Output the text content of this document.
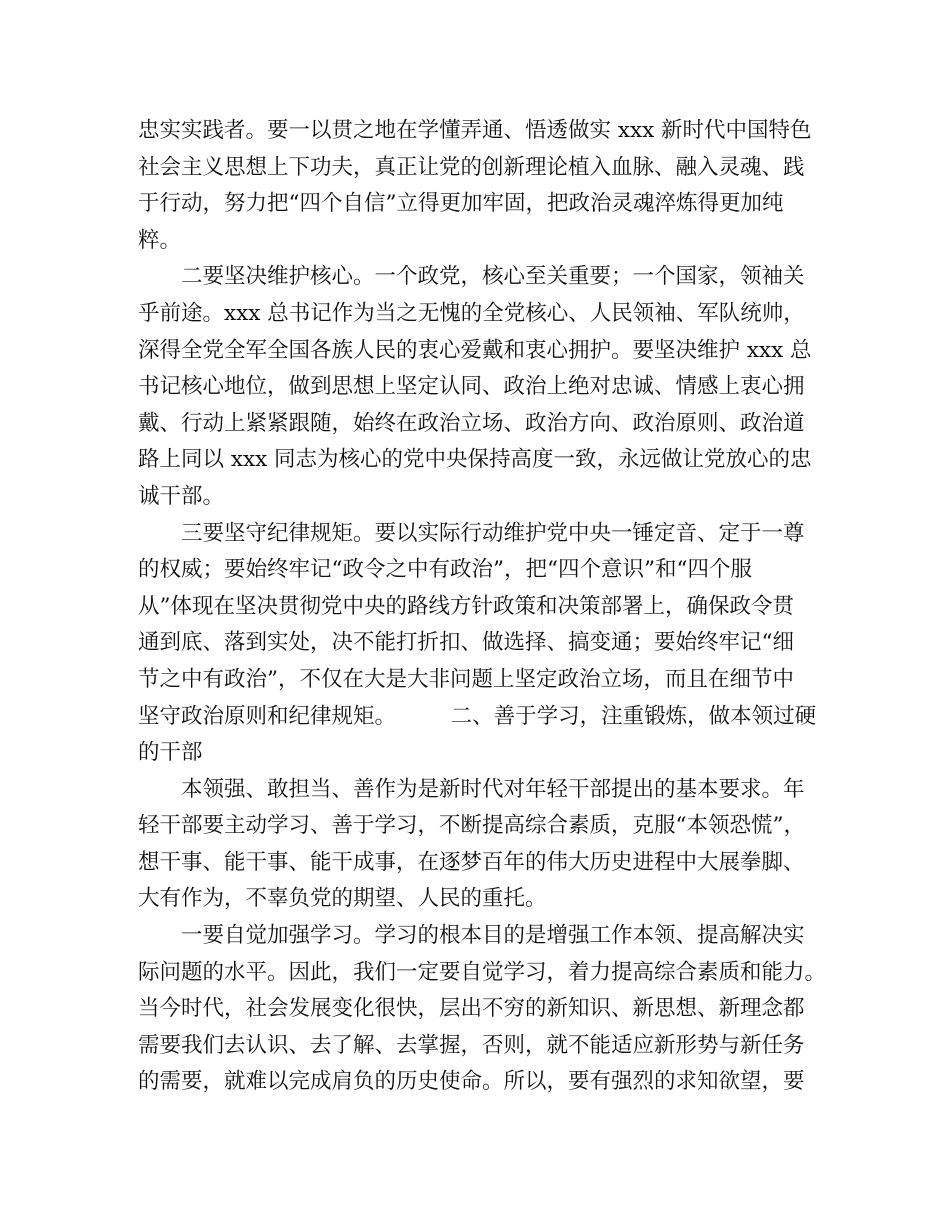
忠实实践者。要一以贯之地在学懂弄通、悟透做实 xxx 新时代中国特色
社会主义思想上下功夫，真正让党的创新理论植入血脉、融入灵魂、践
于行动，努力把“四个自信”立得更加牢固，把政治灵魂淬炼得更加纯
粹。
二要坚决维护核心。一个政党，核心至关重要；一个国家，领袖关
乎前途。xxx 总书记作为当之无愧的全党核心、人民领袖、军队统帅，
深得全党全军全国各族人民的衷心爱戴和衷心拥护。要坚决维护 xxx 总
书记核心地位，做到思想上坚定认同、政治上绝对忠诚、情感上衷心拥
戴、行动上紧紧跟随，始终在政治立场、政治方向、政治原则、政治道
路上同以 xxx 同志为核心的党中央保持高度一致，永远做让党放心的忠
诚干部。
三要坚守纪律规矩。要以实际行动维护党中央一锤定音、定于一尊
的权威；要始终牢记“政令之中有政治”，把“四个意识”和“四个服
从”体现在坚决贯彻党中央的路线方针政策和决策部署上，确保政令贯
通到底、落到实处，决不能打折扣、做选择、搞变通；要始终牢记“细
节之中有政治”，不仅在大是大非问题上坚定政治立场，而且在细节中
坚守政治原则和纪律规矩。        二、善于学习，注重锻炼，做本领过硬
的干部
本领强、敢担当、善作为是新时代对年轻干部提出的基本要求。年
轻干部要主动学习、善于学习，不断提高综合素质，克服“本领恐慌”，
想干事、能干事、能干成事，在逐梦百年的伟大历史进程中大展拳脚、
大有作为，不辜负党的期望、人民的重托。
一要自觉加强学习。学习的根本目的是增强工作本领、提高解决实
际问题的水平。因此，我们一定要自觉学习，着力提高综合素质和能力。
当今时代，社会发展变化很快，层出不穷的新知识、新思想、新理念都
需要我们去认识、去了解、去掌握，否则，就不能适应新形势与新任务
的需要，就难以完成肩负的历史使命。所以，要有强烈的求知欲望，要
